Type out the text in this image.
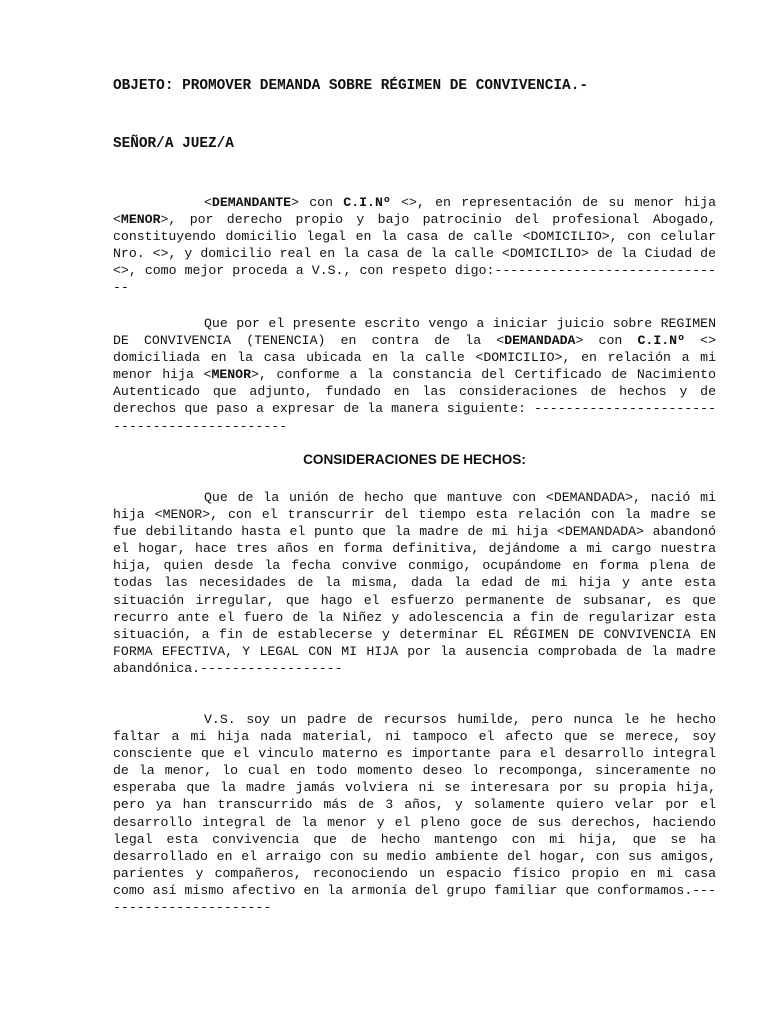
OBJETO: PROMOVER DEMANDA SOBRE RÉGIMEN DE CONVIVENCIA.-
SEÑOR/A JUEZ/A
<DEMANDANTE> con C.I.Nº <>, en representación de su menor hija <MENOR>, por derecho propio y bajo patrocinio del profesional Abogado, constituyendo domicilio legal en la casa de calle <DOMICILIO>, con celular Nro. <>, y domicilio real en la casa de la calle <DOMICILIO> de la Ciudad de <>, como mejor proceda a V.S., con respeto digo:------------------------------
Que por el presente escrito vengo a iniciar juicio sobre REGIMEN DE CONVIVENCIA (TENENCIA) en contra de la <DEMANDADA> con C.I.Nº <> domiciliada en la casa ubicada en la calle <DOMICILIO>, en relación a mi menor hija <MENOR>, conforme a la constancia del Certificado de Nacimiento Autenticado que adjunto, fundado en las consideraciones de hechos y de derechos que paso a expresar de la manera siguiente: ---------------------------------------------
CONSIDERACIONES DE HECHOS:
Que de la unión de hecho que mantuve con <DEMANDADA>, nació mi hija <MENOR>, con el transcurrir del tiempo esta relación con la madre se fue debilitando hasta el punto que la madre de mi hija <DEMANDADA> abandonó el hogar, hace tres años en forma definitiva, dejándome a mi cargo nuestra hija, quien desde la fecha convive conmigo, ocupándome en forma plena de todas las necesidades de la misma, dada la edad de mi hija y ante esta situación irregular, que hago el esfuerzo permanente de subsanar, es que recurro ante el fuero de la Niñez y adolescencia a fin de regularizar esta situación, a fin de establecerse y determinar EL RÉGIMEN DE CONVIVENCIA EN FORMA EFECTIVA, Y LEGAL CON MI HIJA por la ausencia comprobada de la madre abandónica.------------------
V.S. soy un padre de recursos humilde, pero nunca le he hecho faltar a mi hija nada material, ni tampoco el afecto que se merece, soy consciente que el vinculo materno es importante para el desarrollo integral de la menor, lo cual en todo momento deseo lo recomponga, sinceramente no esperaba que la madre jamás volviera ni se interesara por su propia hija, pero ya han transcurrido más de 3 años, y solamente quiero velar por el desarrollo integral de la menor y el pleno goce de sus derechos, haciendo legal esta convivencia que de hecho mantengo con mi hija, que se ha desarrollado en el arraigo con su medio ambiente del hogar, con sus amigos, parientes y compañeros, reconociendo un espacio físico propio en mi casa como así mismo afectivo en la armonía del grupo familiar que conformamos.-----------------------
